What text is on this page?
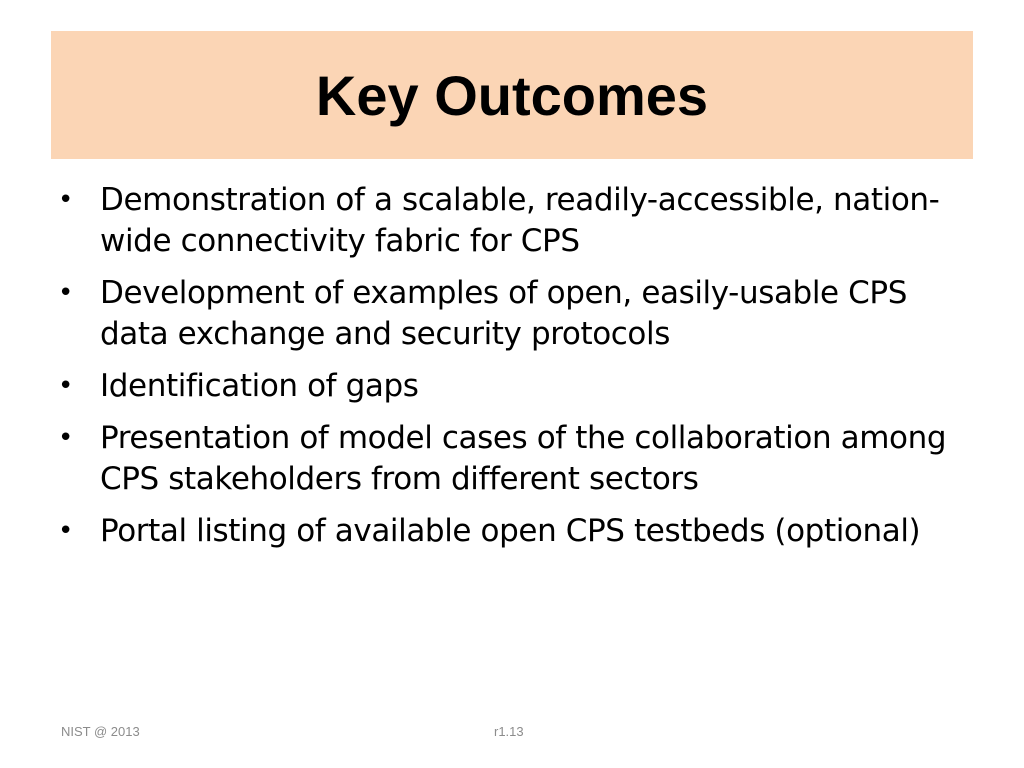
Key Outcomes
• Demonstration of a scalable, readily-accessible, nation-wide connectivity fabric for CPS
• Development of examples of open, easily-usable CPS data exchange and security protocols
• Identification of gaps
• Presentation of model cases of the collaboration among CPS stakeholders from different sectors
• Portal listing of available open CPS testbeds (optional)
NIST @ 2013	r1.13
